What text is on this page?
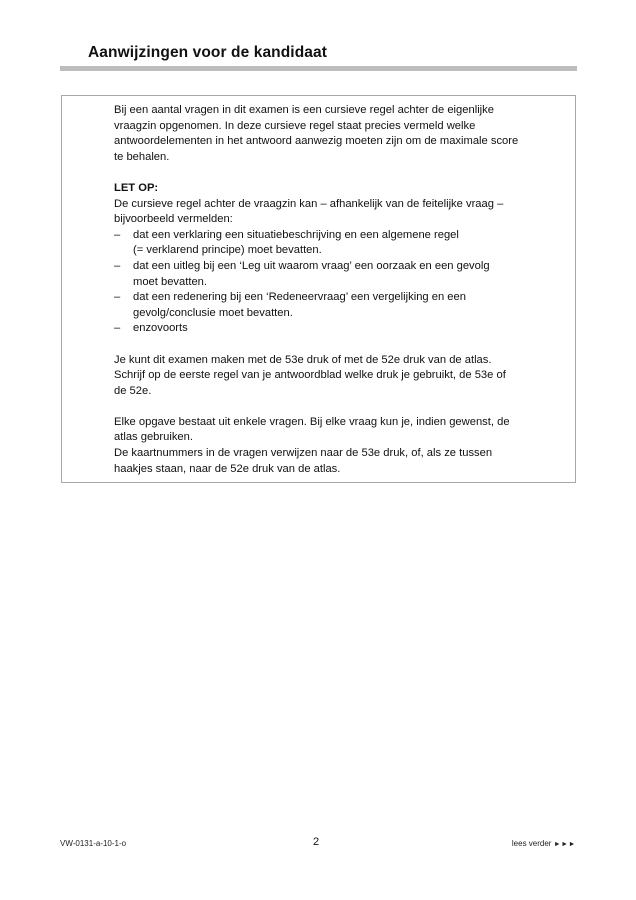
Aanwijzingen voor de kandidaat
Bij een aantal vragen in dit examen is een cursieve regel achter de eigenlijke
vraagzin opgenomen. In deze cursieve regel staat precies vermeld welke
antwoordelementen in het antwoord aanwezig moeten zijn om de maximale score
te behalen.
LET OP:
De cursieve regel achter de vraagzin kan – afhankelijk van de feitelijke vraag –
bijvoorbeeld vermelden:
– dat een verklaring een situatiebeschrijving en een algemene regel
(= verklarend principe) moet bevatten.
– dat een uitleg bij een ‘Leg uit waarom vraag’ een oorzaak en een gevolg
moet bevatten.
– dat een redenering bij een ‘Redeneervraag’ een vergelijking en een
gevolg/conclusie moet bevatten.
– enzovoorts
Je kunt dit examen maken met de 53e druk of met de 52e druk van de atlas.
Schrijf op de eerste regel van je antwoordblad welke druk je gebruikt, de 53e of
de 52e.
Elke opgave bestaat uit enkele vragen. Bij elke vraag kun je, indien gewenst, de
atlas gebruiken.
De kaartnummers in de vragen verwijzen naar de 53e druk, of, als ze tussen
haakjes staan, naar de 52e druk van de atlas.
VW-0131-a-10-1-o	2	lees verder ►►►
